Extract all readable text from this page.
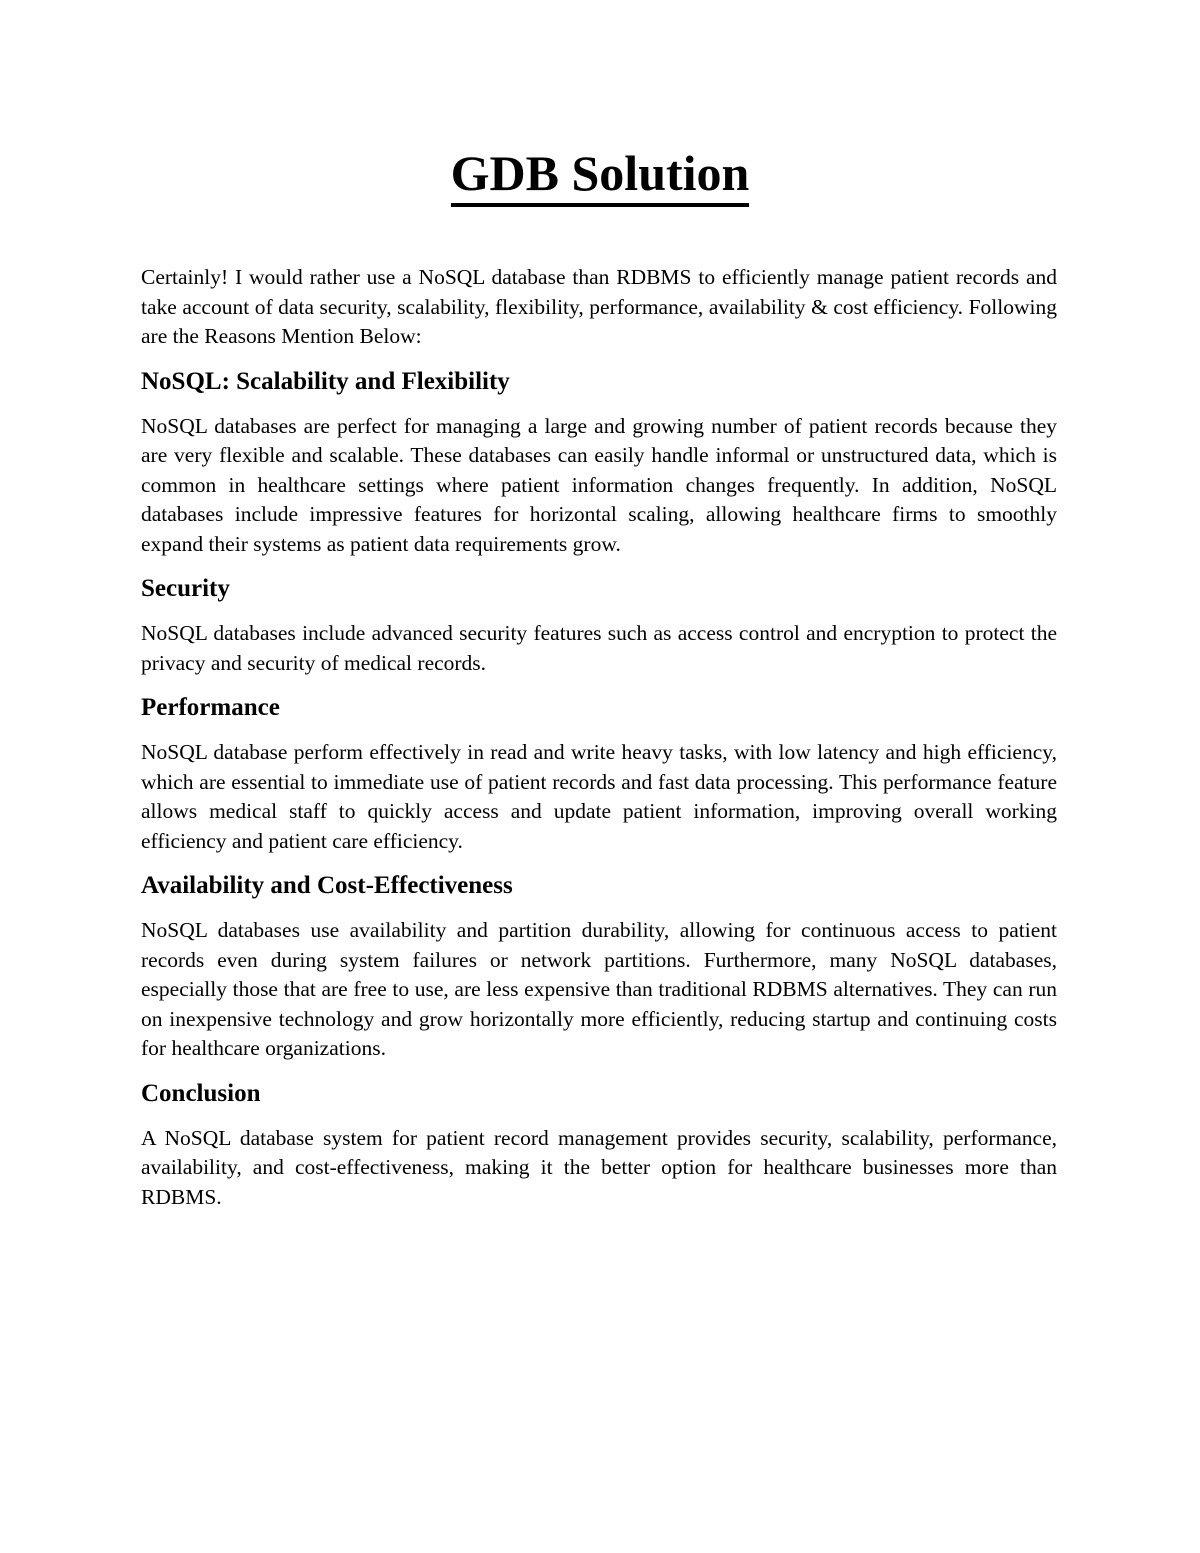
GDB Solution

Certainly! I would rather use a NoSQL database than RDBMS to efficiently manage patient records and take account of data security, scalability, flexibility, performance, availability & cost efficiency. Following are the Reasons Mention Below:

NoSQL: Scalability and Flexibility

NoSQL databases are perfect for managing a large and growing number of patient records because they are very flexible and scalable. These databases can easily handle informal or unstructured data, which is common in healthcare settings where patient information changes frequently. In addition, NoSQL databases include impressive features for horizontal scaling, allowing healthcare firms to smoothly expand their systems as patient data requirements grow.

Security

NoSQL databases include advanced security features such as access control and encryption to protect the privacy and security of medical records.

Performance

NoSQL database perform effectively in read and write heavy tasks, with low latency and high efficiency, which are essential to immediate use of patient records and fast data processing. This performance feature allows medical staff to quickly access and update patient information, improving overall working efficiency and patient care efficiency.

Availability and Cost-Effectiveness

NoSQL databases use availability and partition durability, allowing for continuous access to patient records even during system failures or network partitions. Furthermore, many NoSQL databases, especially those that are free to use, are less expensive than traditional RDBMS alternatives. They can run on inexpensive technology and grow horizontally more efficiently, reducing startup and continuing costs for healthcare organizations.

Conclusion

A NoSQL database system for patient record management provides security, scalability, performance, availability, and cost-effectiveness, making it the better option for healthcare businesses more than RDBMS.
